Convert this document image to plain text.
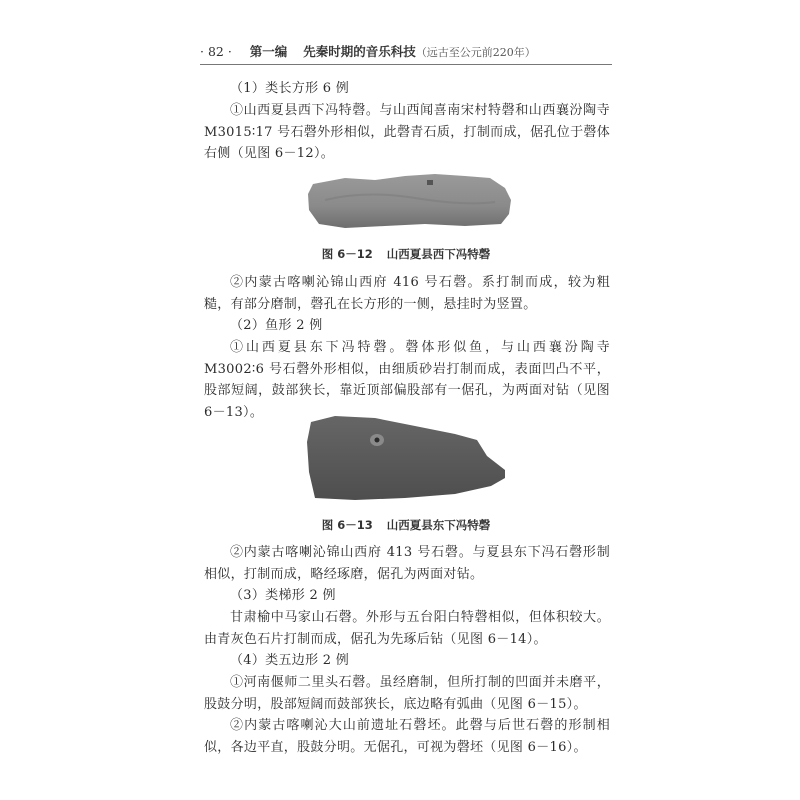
· 82 · 第一编 先秦时期的音乐科技（远古至公元前220年）
（1）类长方形 6 例
①山西夏县西下冯特磬。与山西闻喜南宋村特磬和山西襄汾陶寺 M3015∶17 号石磬外形相似，此磬青石质，打制而成，倨孔位于磬体右侧（见图 6－12）。
图 6－12 山西夏县西下冯特磬
②内蒙古喀喇沁锦山西府 416 号石磬。系打制而成，较为粗糙，有部分磨制，磬孔在长方形的一侧，悬挂时为竖置。
（2）鱼形 2 例
①山西夏县东下冯特磬。磬体形似鱼，与山西襄汾陶寺 M3002∶6 号石磬外形相似，由细质砂岩打制而成，表面凹凸不平，股部短阔，鼓部狭长，靠近顶部偏股部有一倨孔，为两面对钻（见图 6－13）。
图 6－13 山西夏县东下冯特磬
②内蒙古喀喇沁锦山西府 413 号石磬。与夏县东下冯石磬形制相似，打制而成，略经琢磨，倨孔为两面对钻。
（3）类梯形 2 例
甘肃榆中马家山石磬。外形与五台阳白特磬相似，但体积较大。由青灰色石片打制而成，倨孔为先琢后钻（见图 6－14）。
（4）类五边形 2 例
①河南偃师二里头石磬。虽经磨制，但所打制的凹面并未磨平，股鼓分明，股部短阔而鼓部狭长，底边略有弧曲（见图 6－15）。
②内蒙古喀喇沁大山前遗址石磬坯。此磬与后世石磬的形制相似，各边平直，股鼓分明。无倨孔，可视为磬坯（见图 6－16）。
